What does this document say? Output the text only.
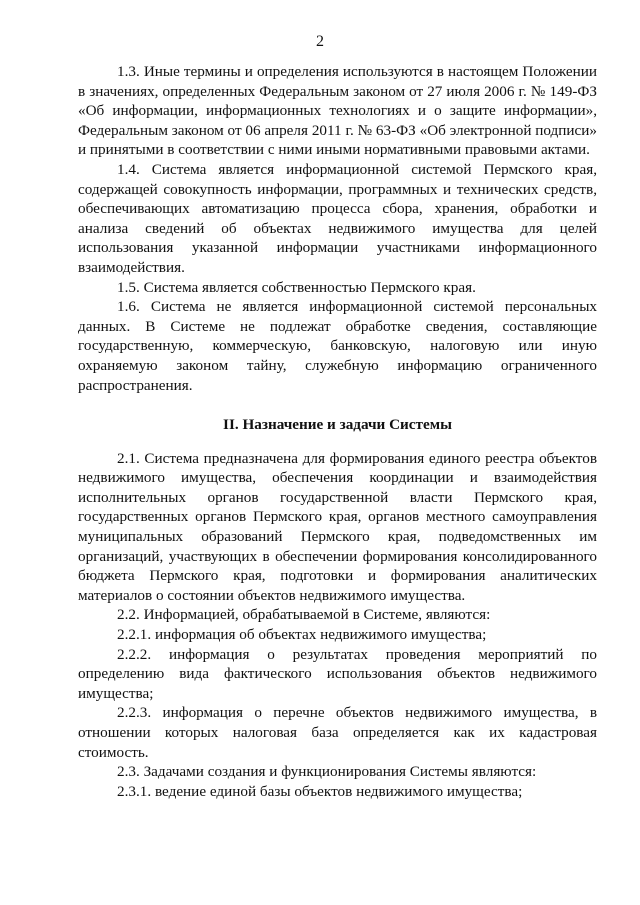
2

1.3. Иные термины и определения используются в настоящем Положении в значениях, определенных Федеральным законом от 27 июля 2006 г. № 149-ФЗ «Об информации, информационных технологиях и о защите информации», Федеральным законом от 06 апреля 2011 г. № 63-ФЗ «Об электронной подписи» и принятыми в соответствии с ними иными нормативными правовыми актами.

1.4. Система является информационной системой Пермского края, содержащей совокупность информации, программных и технических средств, обеспечивающих автоматизацию процесса сбора, хранения, обработки и анализа сведений об объектах недвижимого имущества для целей использования указанной информации участниками информационного взаимодействия.

1.5. Система является собственностью Пермского края.

1.6. Система не является информационной системой персональных данных. В Системе не подлежат обработке сведения, составляющие государственную, коммерческую, банковскую, налоговую или иную охраняемую законом тайну, служебную информацию ограниченного распространения.

II. Назначение и задачи Системы

2.1. Система предназначена для формирования единого реестра объектов недвижимого имущества, обеспечения координации и взаимодействия исполнительных органов государственной власти Пермского края, государственных органов Пермского края, органов местного самоуправления муниципальных образований Пермского края, подведомственных им организаций, участвующих в обеспечении формирования консолидированного бюджета Пермского края, подготовки и формирования аналитических материалов о состоянии объектов недвижимого имущества.

2.2. Информацией, обрабатываемой в Системе, являются:

2.2.1. информация об объектах недвижимого имущества;

2.2.2. информация о результатах проведения мероприятий по определению вида фактического использования объектов недвижимого имущества;

2.2.3. информация о перечне объектов недвижимого имущества, в отношении которых налоговая база определяется как их кадастровая стоимость.

2.3. Задачами создания и функционирования Системы являются:

2.3.1. ведение единой базы объектов недвижимого имущества;
